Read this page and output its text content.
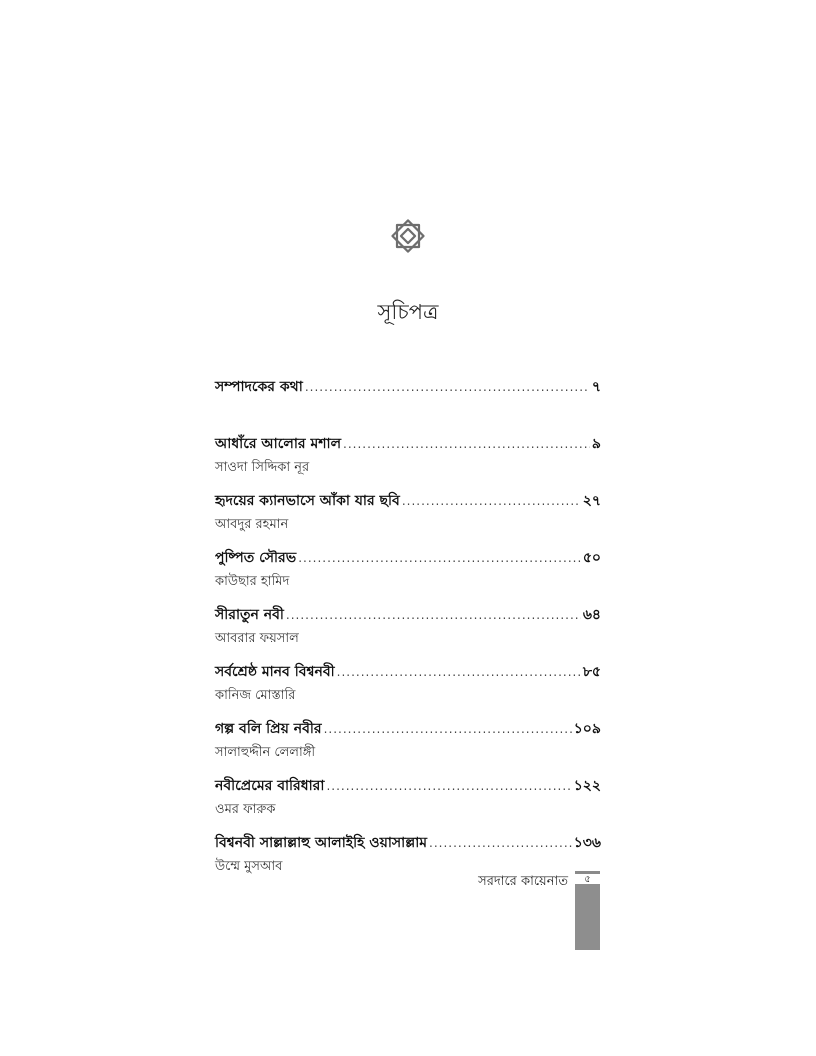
সূচিপত্র
সম্পাদকের কথা .....	৭
আধাঁরে আলোর মশাল .....	৯
সাওদা সিদ্দিকা নূর
হৃদয়ের ক্যানভাসে আঁকা যার ছবি .....	২৭
আবদুর রহমান
পুষ্পিত সৌরভ .....	৫০
কাউছার হামিদ
সীরাতুন নবী .....	৬৪
আবরার ফয়সাল
সর্বশ্রেষ্ঠ মানব বিশ্বনবী .....	৮৫
কানিজ মোস্তারি
গল্প বলি প্রিয় নবীর .....	১০৯
সালাহুদ্দীন লেলাঙ্গী
নবীপ্রেমের বারিধারা .....	১২২
ওমর ফারুক
বিশ্বনবী সাল্লাল্লাহু আলাইহি ওয়াসাল্লাম .....	১৩৬
উম্মে মুসআব
সরদারে কায়েনাত	৫
